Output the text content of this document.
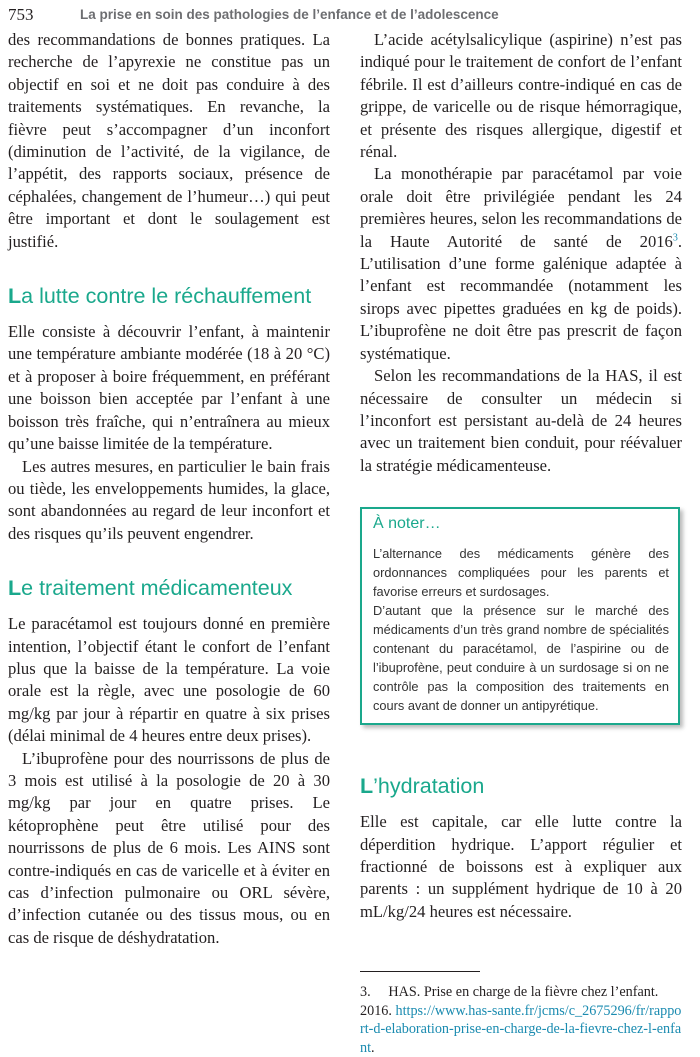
753	La prise en soin des pathologies de l’enfance et de l’adolescence

des recommandations de bonnes pratiques. La recherche de l’apyrexie ne constitue pas un objectif en soi et ne doit pas conduire à des traitements systématiques. En revanche, la fièvre peut s’accompagner d’un inconfort (diminution de l’activité, de la vigilance, de l’appétit, des rapports sociaux, présence de céphalées, changement de l’humeur…) qui peut être important et dont le soulagement est justifié.

La lutte contre le réchauffement

Elle consiste à découvrir l’enfant, à maintenir une température ambiante modérée (18 à 20 °C) et à proposer à boire fréquemment, en préférant une boisson bien acceptée par l’enfant à une boisson très fraîche, qui n’entraînera au mieux qu’une baisse limitée de la température.

Les autres mesures, en particulier le bain frais ou tiède, les enveloppements humides, la glace, sont abandonnées au regard de leur inconfort et des risques qu’ils peuvent engendrer.

Le traitement médicamenteux

Le paracétamol est toujours donné en première intention, l’objectif étant le confort de l’enfant plus que la baisse de la température. La voie orale est la règle, avec une posologie de 60 mg/kg par jour à répartir en quatre à six prises (délai minimal de 4 heures entre deux prises).

L’ibuprofène pour des nourrissons de plus de 3 mois est utilisé à la posologie de 20 à 30 mg/kg par jour en quatre prises. Le kétoprophène peut être utilisé pour des nourrissons de plus de 6 mois. Les AINS sont contre-indiqués en cas de varicelle et à éviter en cas d’infection pulmonaire ou ORL sévère, d’infection cutanée ou des tissus mous, ou en cas de risque de déshydratation.

L’acide acétylsalicylique (aspirine) n’est pas indiqué pour le traitement de confort de l’enfant fébrile. Il est d’ailleurs contre-indiqué en cas de grippe, de varicelle ou de risque hémorragique, et présente des risques allergique, digestif et rénal.

La monothérapie par paracétamol par voie orale doit être privilégiée pendant les 24 premières heures, selon les recommandations de la Haute Autorité de santé de 2016$^3$. L’utilisation d’une forme galénique adaptée à l’enfant est recommandée (notamment les sirops avec pipettes graduées en kg de poids). L’ibuprofène ne doit être pas prescrit de façon systématique.

Selon les recommandations de la HAS, il est nécessaire de consulter un médecin si l’inconfort est persistant au-delà de 24 heures avec un traitement bien conduit, pour réévaluer la stratégie médicamenteuse.

À noter…

L’alternance des médicaments génère des ordonnances compliquées pour les parents et favorise erreurs et surdosages.

D’autant que la présence sur le marché des médicaments d’un très grand nombre de spécialités contenant du paracétamol, de l’aspirine ou de l’ibuprofène, peut conduire à un surdosage si on ne contrôle pas la composition des traitements en cours avant de donner un antipyrétique.

L’hydratation

Elle est capitale, car elle lutte contre la déperdition hydrique. L’apport régulier et fractionné de boissons est à expliquer aux parents : un supplément hydrique de 10 à 20 mL/kg/24 heures est nécessaire.

3. HAS. Prise en charge de la fièvre chez l’enfant. 2016. https://www.has-sante.fr/jcms/c_2675296/fr/rapport-d-elaboration-prise-en-charge-de-la-fievre-chez-l-enfant.
